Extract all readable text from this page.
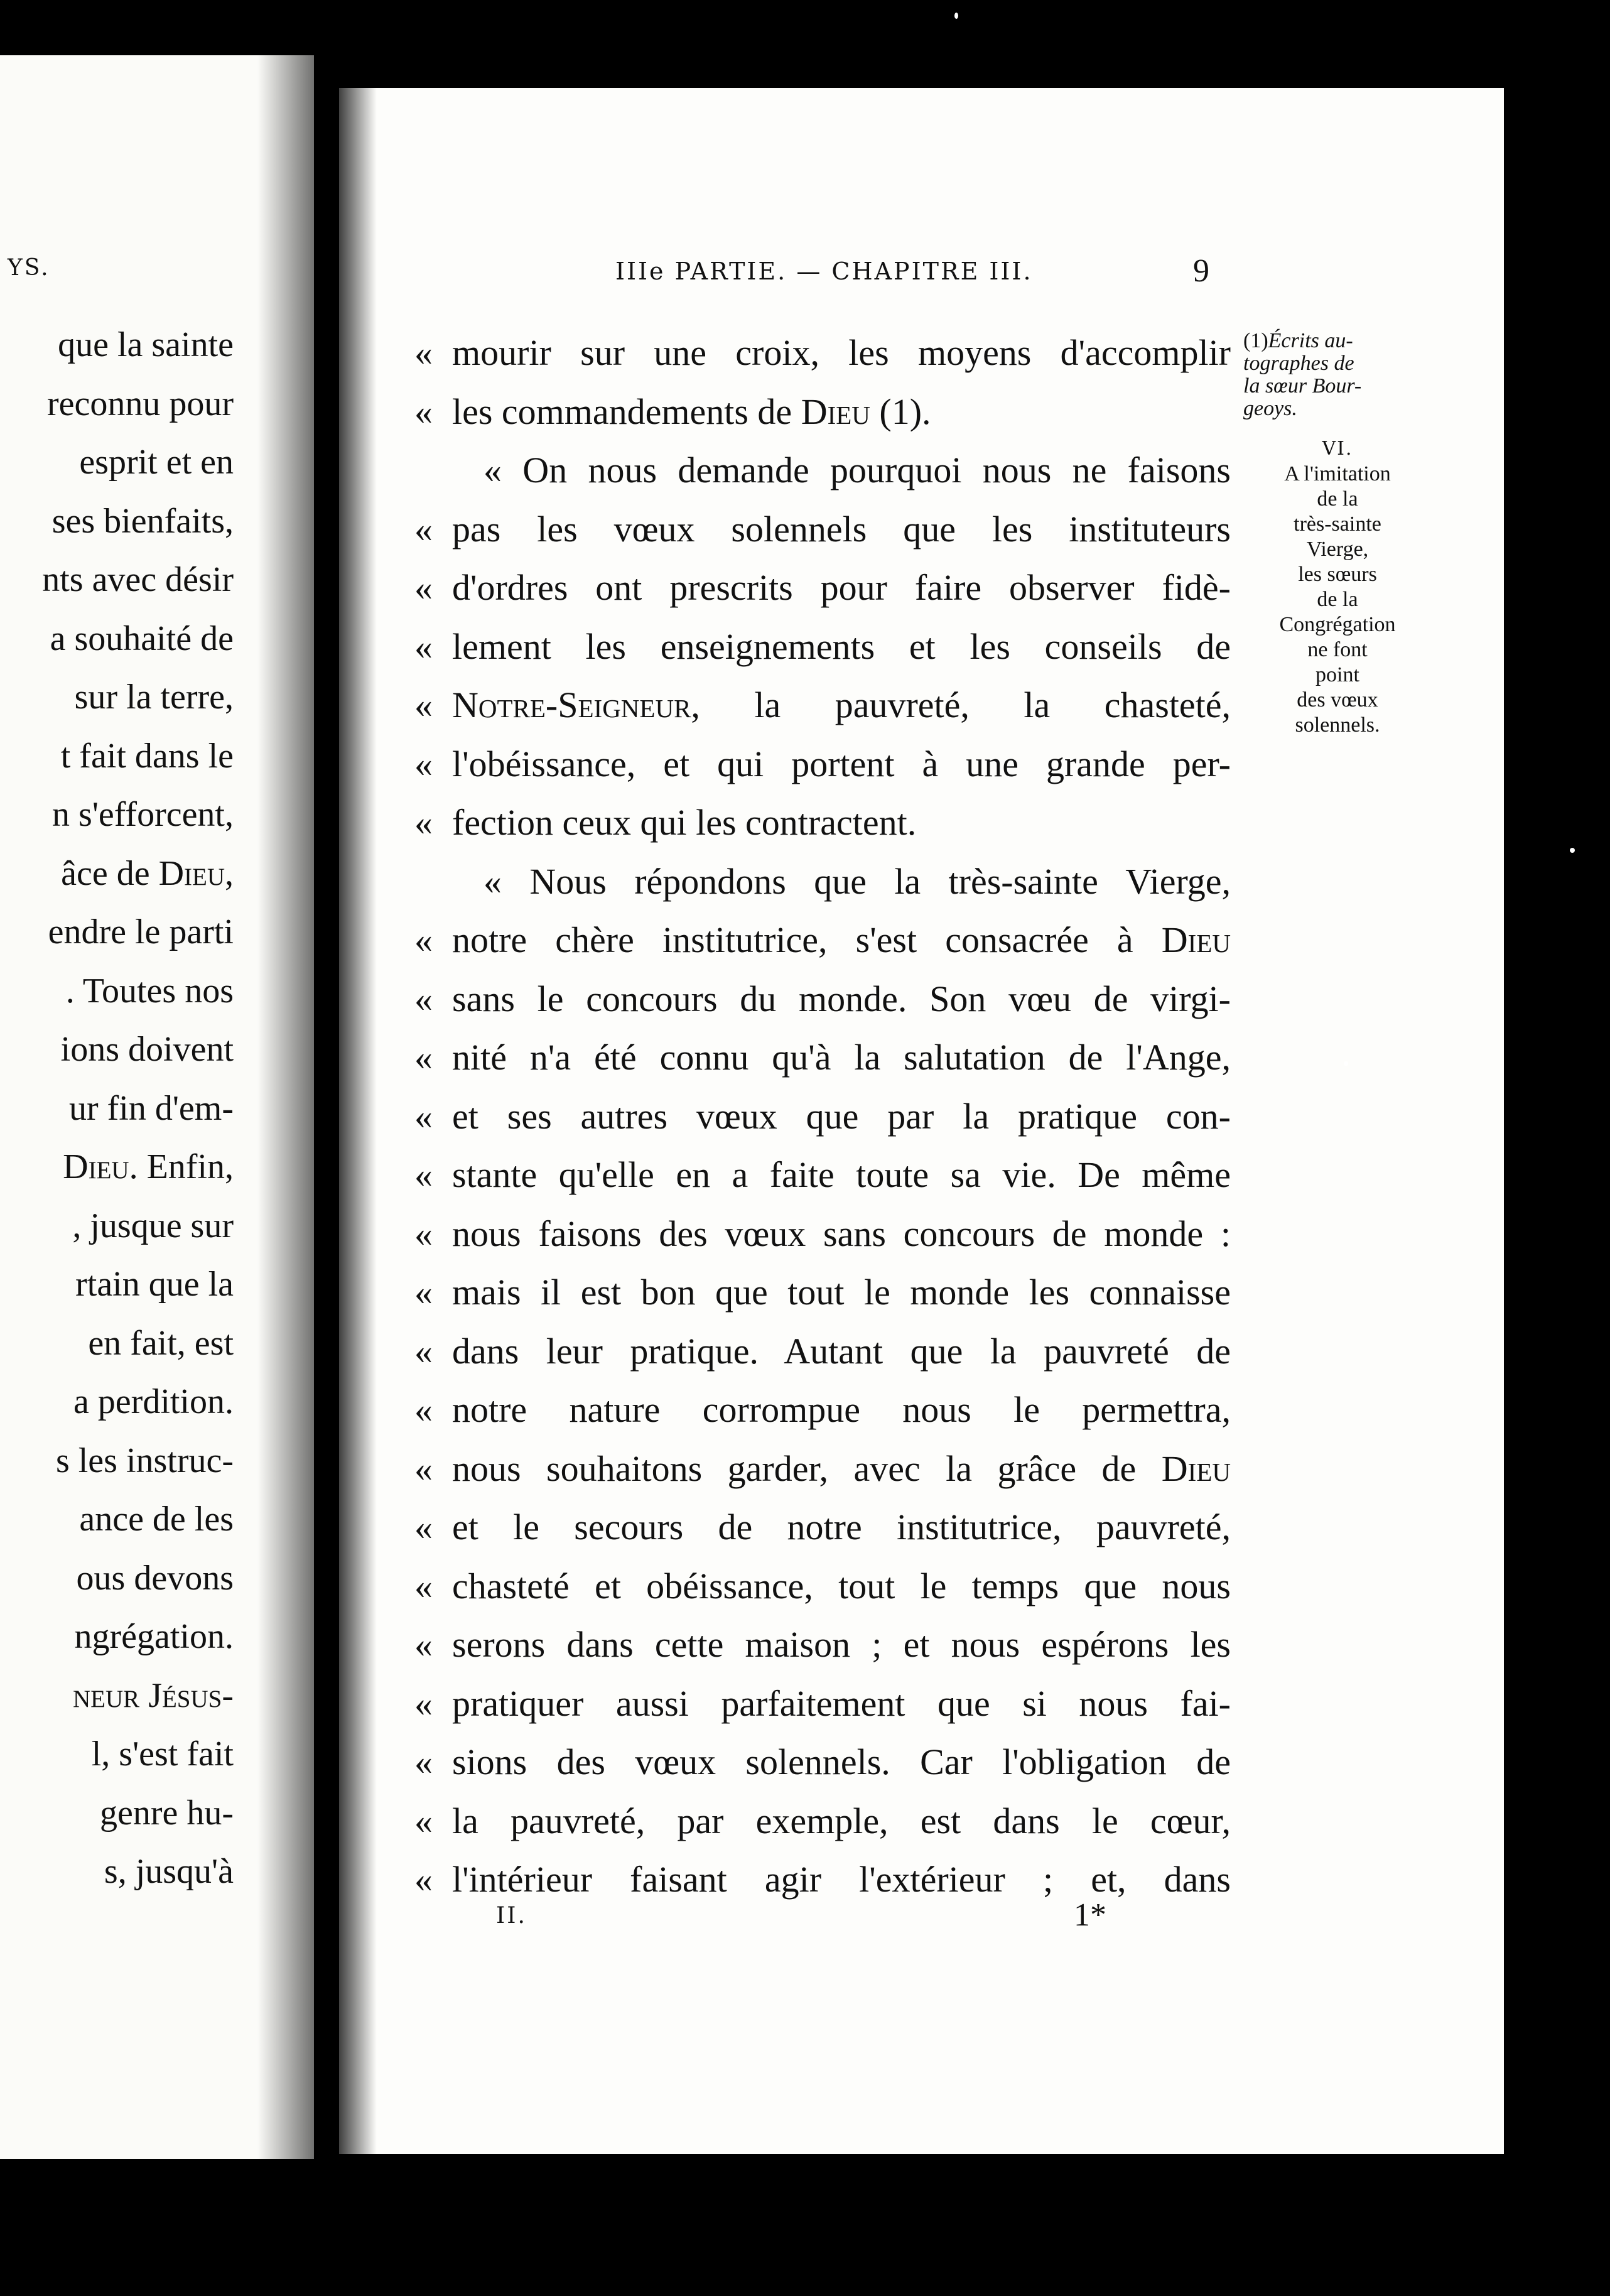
YS.
que la sainte
reconnu pour
esprit et en
ses bienfaits,
nts avec désir
a souhaité de
sur la terre,
t fait dans le
n s'efforcent,
âce de Dieu,
endre le parti
. Toutes nos
ions doivent
ur fin d'em-
Dieu. Enfin,
, jusque sur
rtain que la
en fait, est
a perdition.
s les instruc-
ance de les
ous devons
ngrégation.
neur Jésus-
l, s'est fait
genre hu-
s, jusqu'à
IIIe PARTIE. — CHAPITRE III.	9
« mourir sur une croix, les moyens d'accomplir
« les commandements de Dieu (1).
« On nous demande pourquoi nous ne faisons
« pas les vœux solennels que les instituteurs
« d'ordres ont prescrits pour faire observer fidè-
« lement les enseignements et les conseils de
« Notre-Seigneur, la pauvreté, la chasteté,
« l'obéissance, et qui portent à une grande per-
« fection ceux qui les contractent.
« Nous répondons que la très-sainte Vierge,
« notre chère institutrice, s'est consacrée à Dieu
« sans le concours du monde. Son vœu de virgi-
« nité n'a été connu qu'à la salutation de l'Ange,
« et ses autres vœux que par la pratique con-
« stante qu'elle en a faite toute sa vie. De même
« nous faisons des vœux sans concours de monde :
« mais il est bon que tout le monde les connaisse
« dans leur pratique. Autant que la pauvreté de
« notre nature corrompue nous le permettra,
« nous souhaitons garder, avec la grâce de Dieu
« et le secours de notre institutrice, pauvreté,
« chasteté et obéissance, tout le temps que nous
« serons dans cette maison ; et nous espérons les
« pratiquer aussi parfaitement que si nous fai-
« sions des vœux solennels. Car l'obligation de
« la pauvreté, par exemple, est dans le cœur,
« l'intérieur faisant agir l'extérieur ; et, dans
(1)Écrits au-
tographes de
la sœur Bour-
geoys.
VI.
A l'imitation
de la
très-sainte
Vierge,
les sœurs
de la
Congrégation
ne font
point
des vœux
solennels.
II.	1*
